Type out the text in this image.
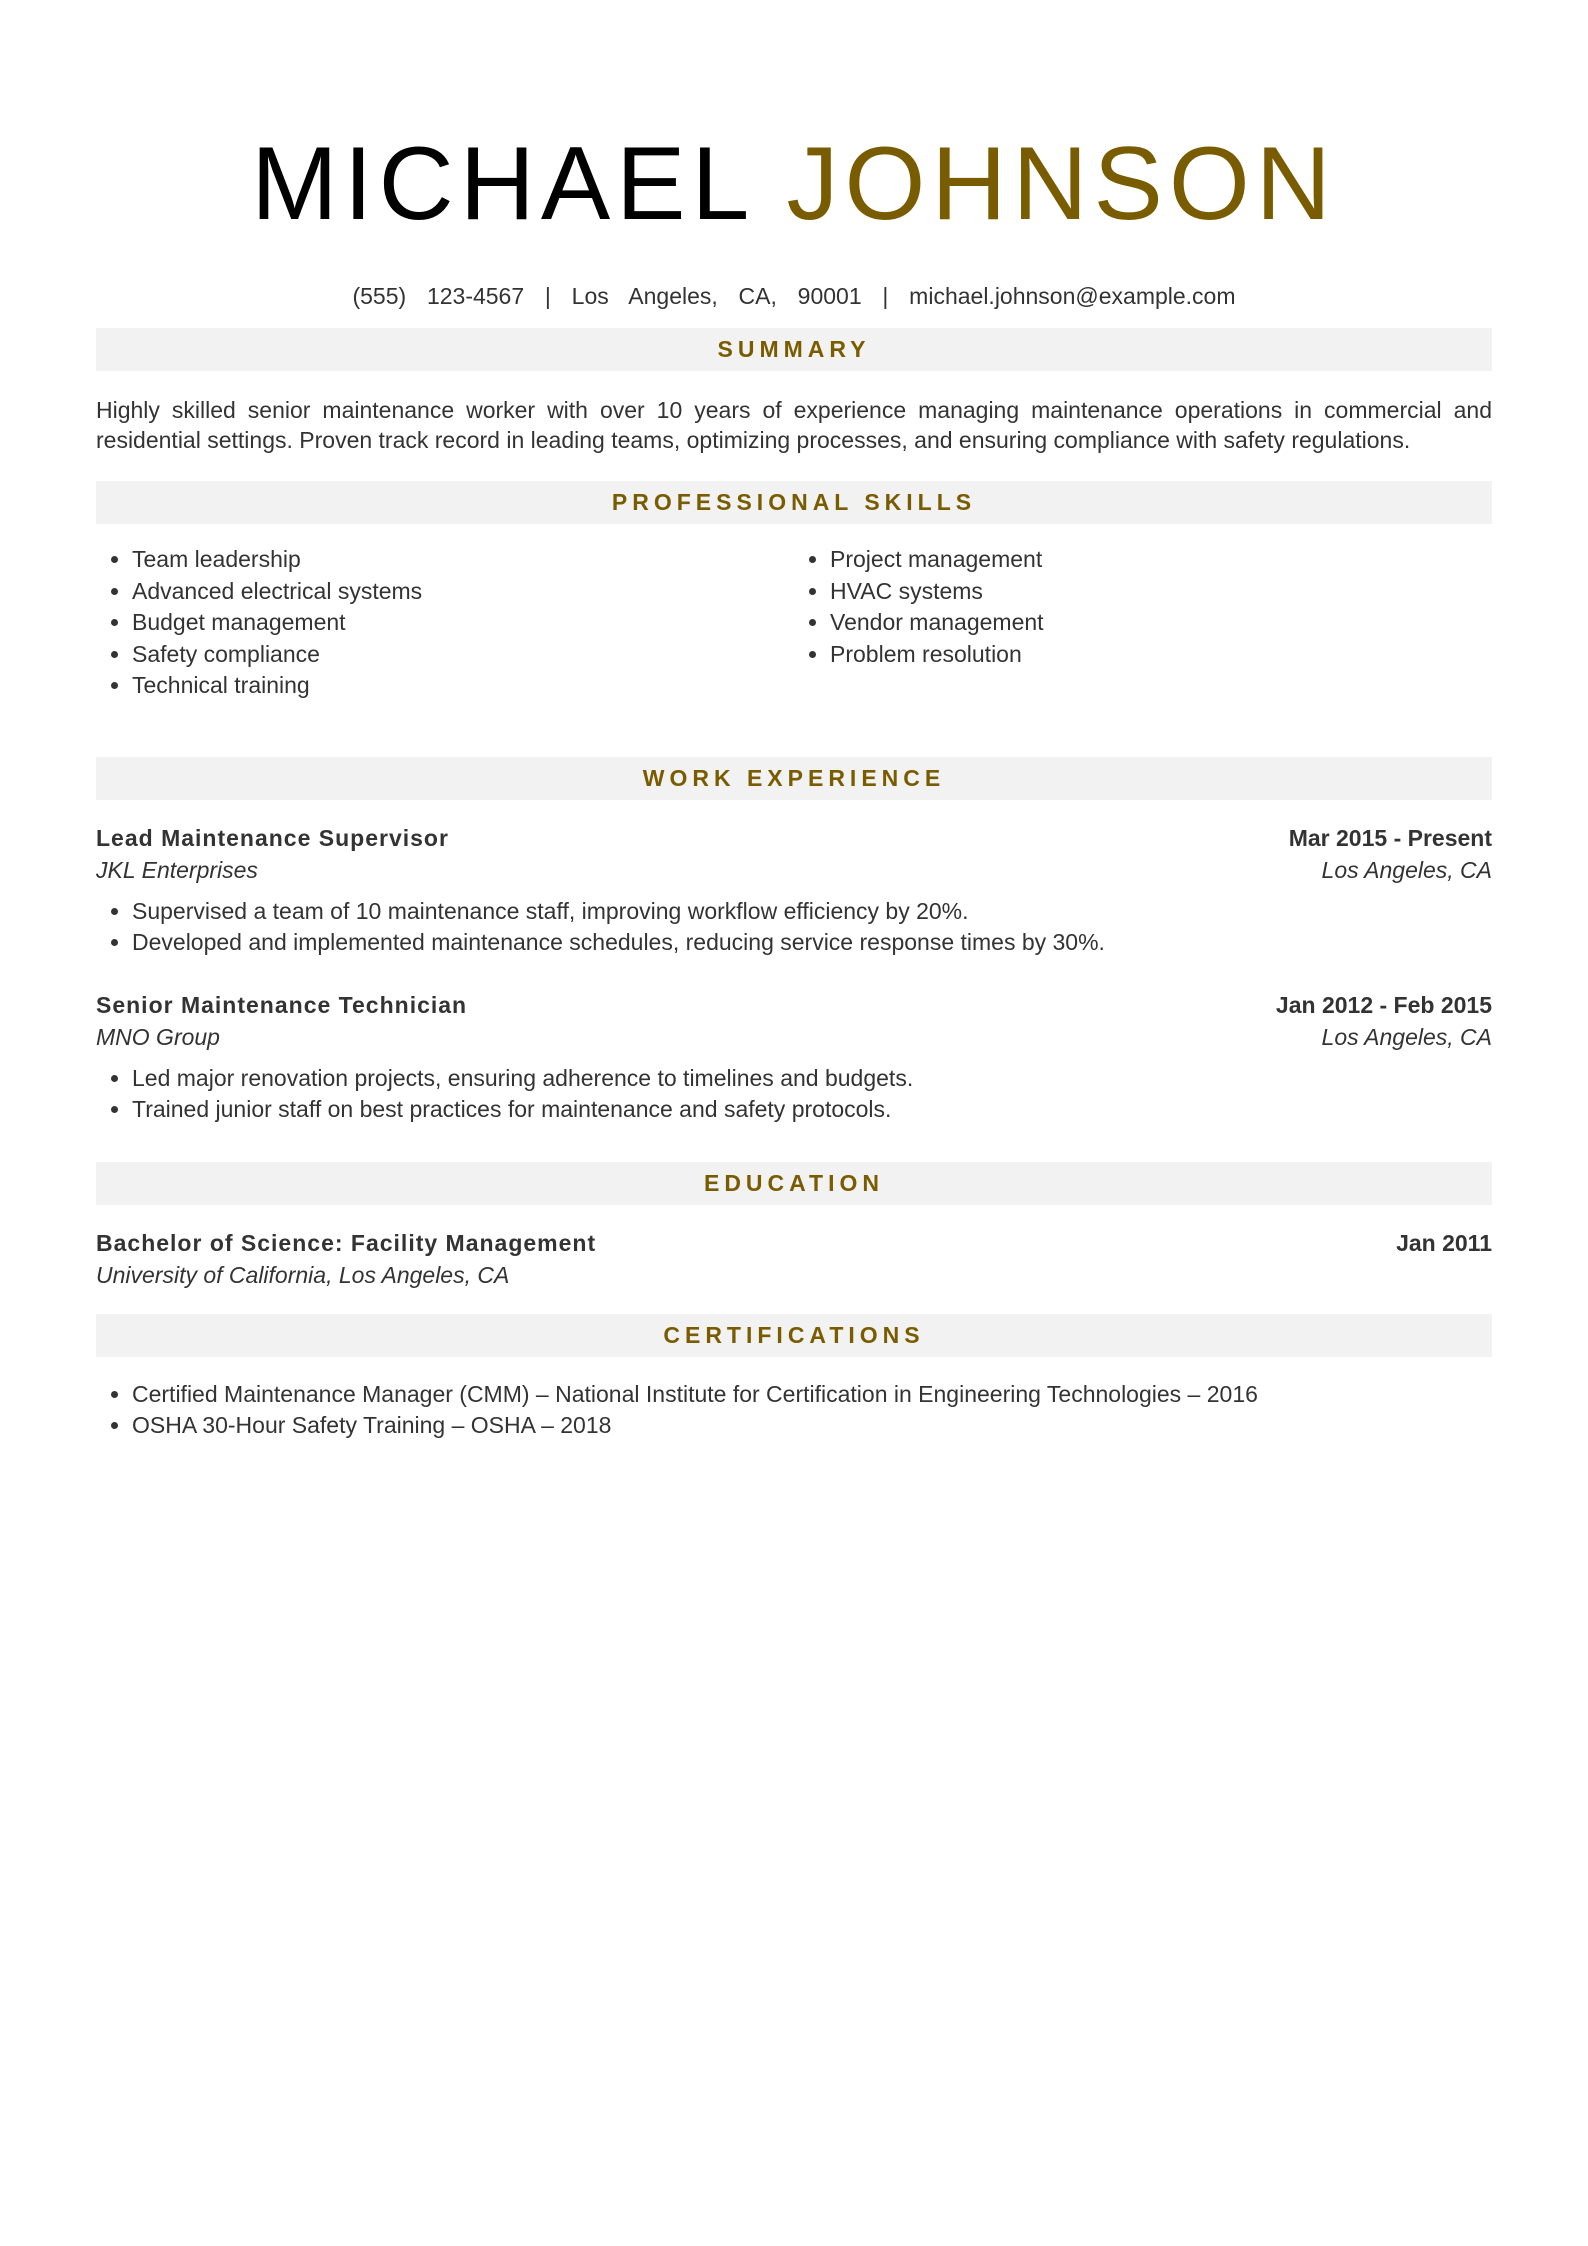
MICHAEL JOHNSON
(555)  123-4567  |  Los  Angeles,  CA,  90001  |  michael.johnson@example.com
SUMMARY

Highly skilled senior maintenance worker with over 10 years of experience managing maintenance operations in commercial and residential settings. Proven track record in leading teams, optimizing processes, and ensuring compliance with safety regulations.

PROFESSIONAL SKILLS
• Team leadership
• Advanced electrical systems
• Budget management
• Safety compliance
• Technical training
• Project management
• HVAC systems
• Vendor management
• Problem resolution
WORK EXPERIENCE
Lead Maintenance Supervisor	Mar 2015 - Present
JKL Enterprises	Los Angeles, CA
• Supervised a team of 10 maintenance staff, improving workflow efficiency by 20%.
• Developed and implemented maintenance schedules, reducing service response times by 30%.
Senior Maintenance Technician	Jan 2012 - Feb 2015
MNO Group	Los Angeles, CA
• Led major renovation projects, ensuring adherence to timelines and budgets.
• Trained junior staff on best practices for maintenance and safety protocols.
EDUCATION
Bachelor of Science: Facility Management	Jan 2011
University of California, Los Angeles, CA
CERTIFICATIONS
• Certified Maintenance Manager (CMM) – National Institute for Certification in Engineering Technologies – 2016
• OSHA 30-Hour Safety Training – OSHA – 2018
